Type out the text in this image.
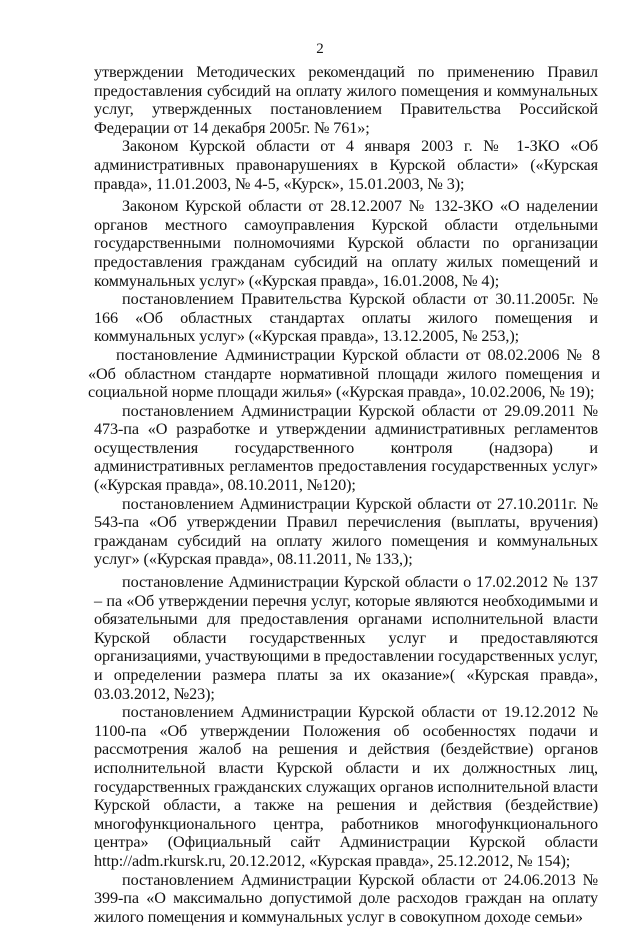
2

утверждении Методических рекомендаций по применению Правил предоставления субсидий на оплату жилого помещения и коммунальных услуг, утвержденных постановлением Правительства Российской Федерации от 14 декабря 2005г. № 761»;

Законом Курской области от 4 января 2003 г. № 1-ЗКО «Об административных правонарушениях в Курской области» («Курская правда», 11.01.2003, № 4-5, «Курск», 15.01.2003, № 3);

Законом Курской области от 28.12.2007 № 132-ЗКО «О наделении органов местного самоуправления Курской области отдельными государственными полномочиями Курской области по организации предоставления гражданам субсидий на оплату жилых помещений и коммунальных услуг» («Курская правда», 16.01.2008, № 4);

постановлением Правительства Курской области от 30.11.2005г. № 166 «Об областных стандартах оплаты жилого помещения и коммунальных услуг» («Курская правда», 13.12.2005, № 253,);

постановление Администрации Курской области от 08.02.2006 № 8 «Об областном стандарте нормативной площади жилого помещения и социальной норме площади жилья» («Курская правда», 10.02.2006, № 19);

постановлением Администрации Курской области от 29.09.2011 № 473-па «О разработке и утверждении административных регламентов осуществления государственного контроля (надзора) и административных регламентов предоставления государственных услуг» («Курская правда», 08.10.2011, №120);

постановлением Администрации Курской области от 27.10.2011г. № 543-па «Об утверждении Правил перечисления (выплаты, вручения) гражданам субсидий на оплату жилого помещения и коммунальных услуг» («Курская правда», 08.11.2011, № 133,);

постановление Администрации Курской области о 17.02.2012 № 137 – па «Об утверждении перечня услуг, которые являются необходимыми и обязательными для предоставления органами исполнительной власти Курской области государственных услуг и предоставляются организациями, участвующими в предоставлении государственных услуг, и определении размера платы за их оказание»( «Курская правда», 03.03.2012, №23);

постановлением Администрации Курской области от 19.12.2012 № 1100-па «Об утверждении Положения об особенностях подачи и рассмотрения жалоб на решения и действия (бездействие) органов исполнительной власти Курской области и их должностных лиц, государственных гражданских служащих органов исполнительной власти Курской области, а также на решения и действия (бездействие) многофункционального центра, работников многофункционального центра» (Официальный сайт Администрации Курской области http://adm.rkursk.ru, 20.12.2012, «Курская правда», 25.12.2012, № 154);

постановлением Администрации Курской области от 24.06.2013 № 399-па «О максимально допустимой доле расходов граждан на оплату жилого помещения и коммунальных услуг в совокупном доходе семьи»
